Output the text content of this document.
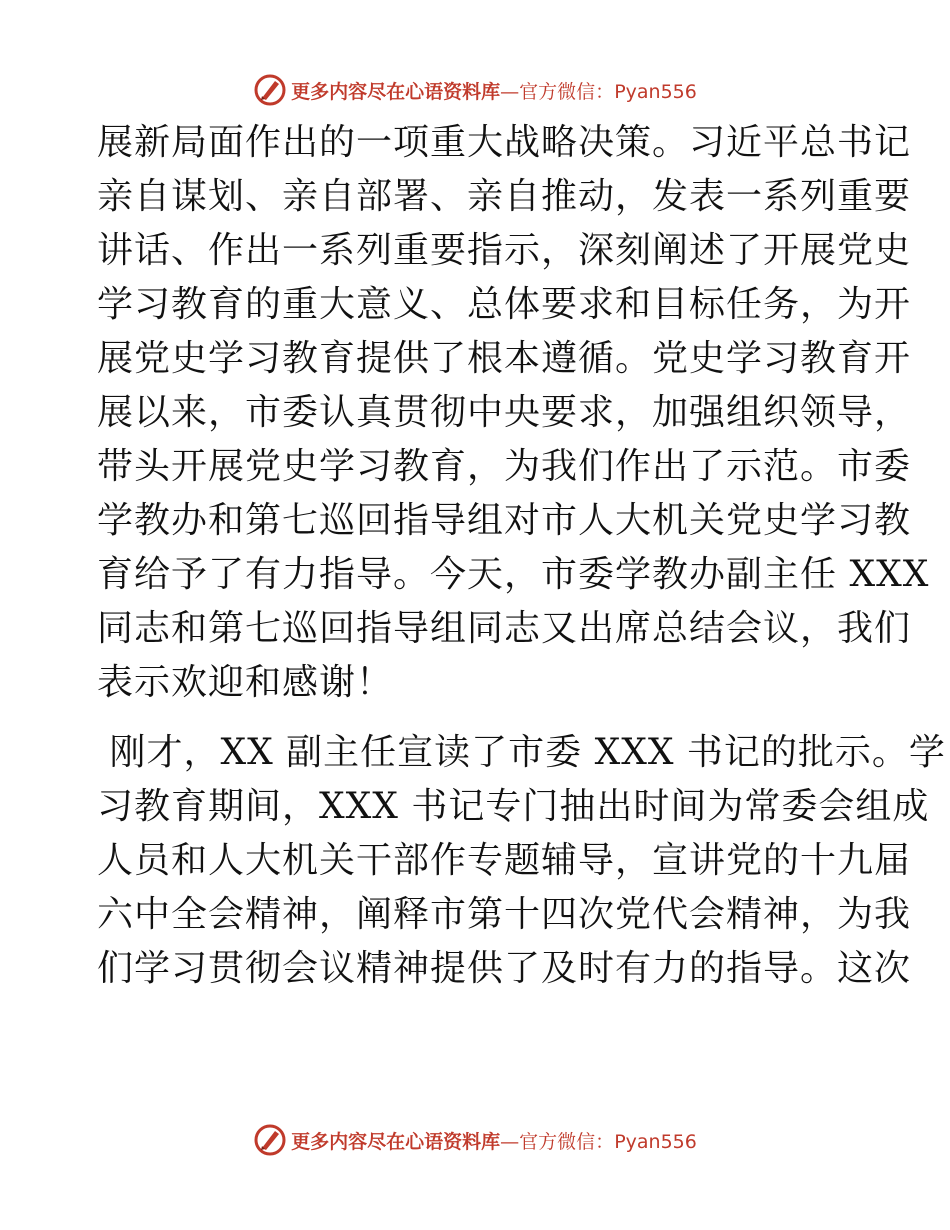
更多内容尽在心语资料库—官方微信：Pyan556
展新局面作出的一项重大战略决策。习近平总书记
亲自谋划、亲自部署、亲自推动，发表一系列重要
讲话、作出一系列重要指示，深刻阐述了开展党史
学习教育的重大意义、总体要求和目标任务，为开
展党史学习教育提供了根本遵循。党史学习教育开
展以来，市委认真贯彻中央要求，加强组织领导，
带头开展党史学习教育，为我们作出了示范。市委
学教办和第七巡回指导组对市人大机关党史学习教
育给予了有力指导。今天，市委学教办副主任 XXX
同志和第七巡回指导组同志又出席总结会议，我们
表示欢迎和感谢！
刚才，XX 副主任宣读了市委 XXX 书记的批示。学
习教育期间，XXX 书记专门抽出时间为常委会组成
人员和人大机关干部作专题辅导，宣讲党的十九届
六中全会精神，阐释市第十四次党代会精神，为我
们学习贯彻会议精神提供了及时有力的指导。这次
更多内容尽在心语资料库—官方微信：Pyan556
